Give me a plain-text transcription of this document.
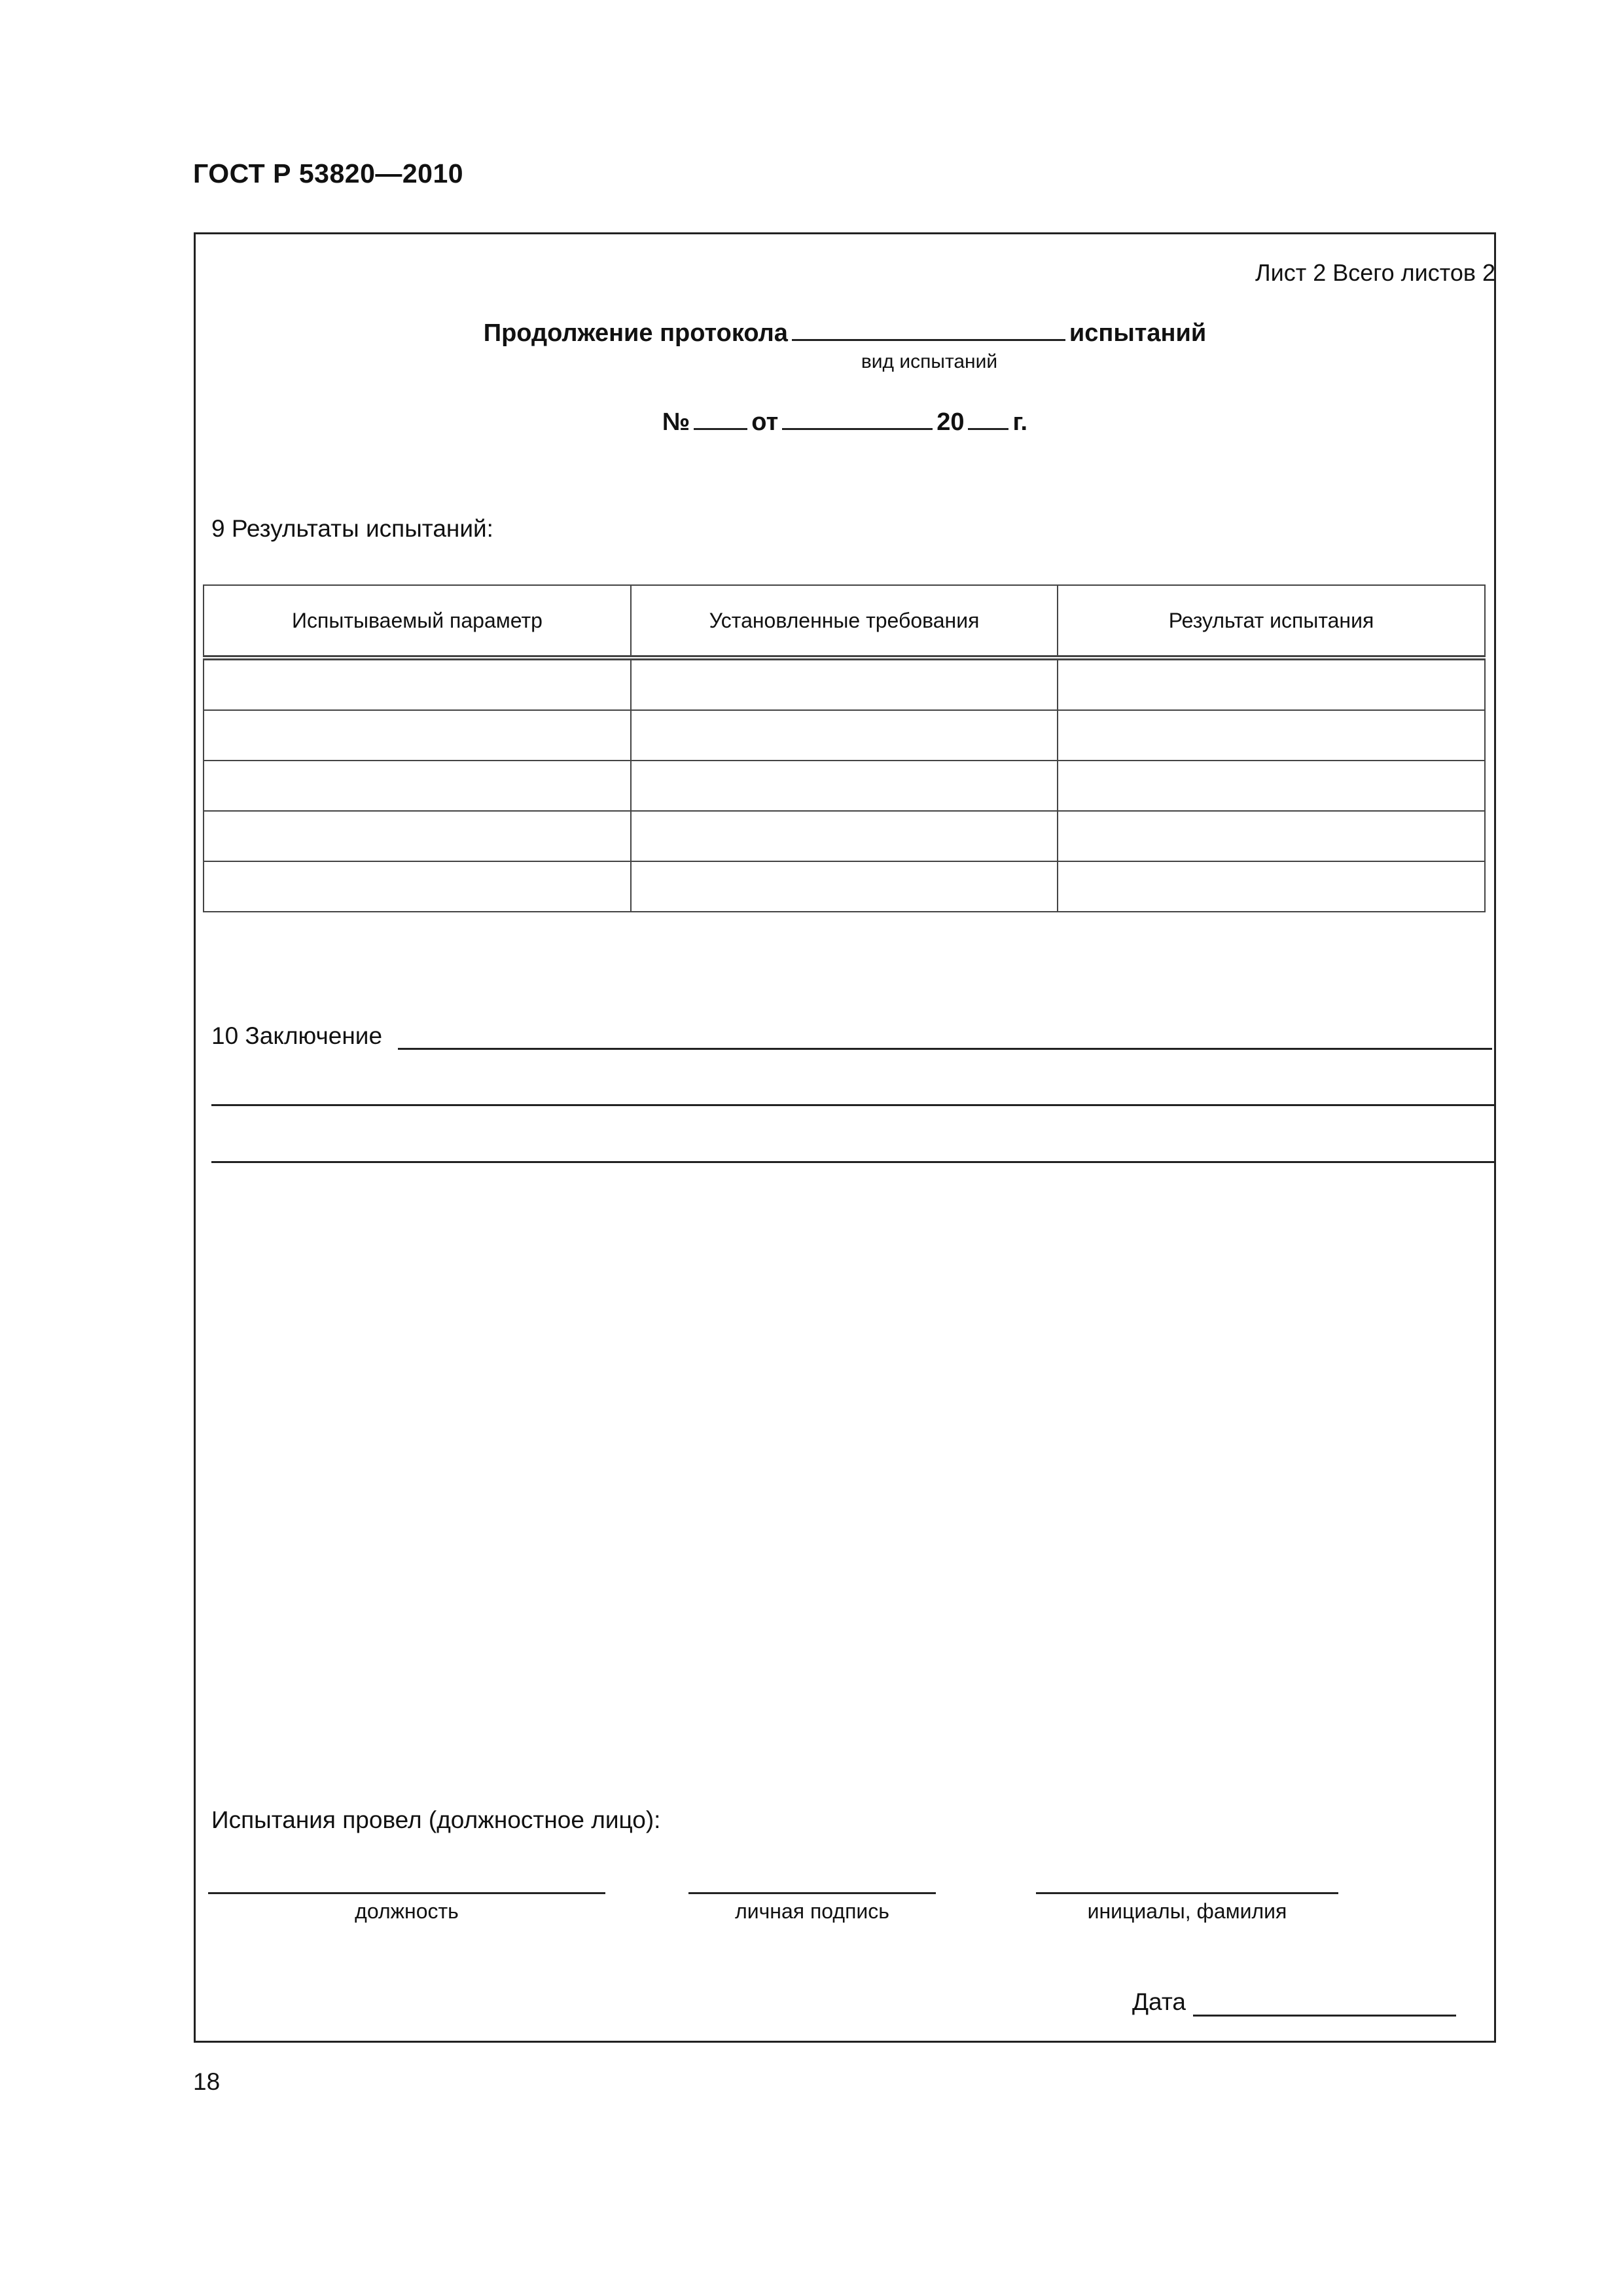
ГОСТ Р 53820—2010
Лист 2 Всего листов 2
Продолжение протокола	испытаний
вид испытаний
№ от	20 г.
9 Результаты испытаний:
Испытываемый параметр	Установленные требования	Результат испытания

10 Заключение
Испытания провел (должностное лицо):
должность	личная подпись	инициалы, фамилия
Дата
18
